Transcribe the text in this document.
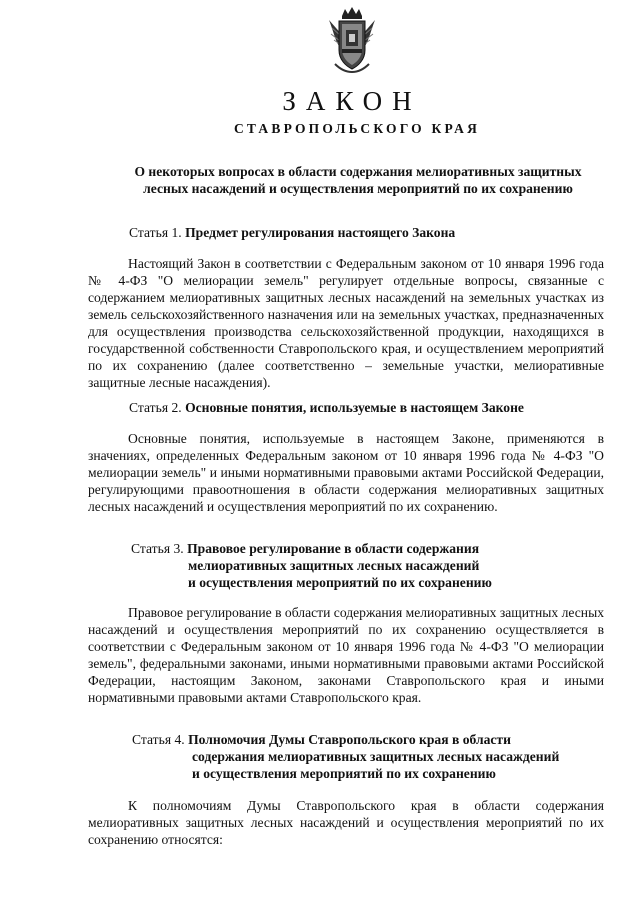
ЗАКОН
СТАВРОПОЛЬСКОГО КРАЯ
О некоторых вопросах в области содержания мелиоративных защитных
лесных насаждений и осуществления мероприятий по их сохранению
Статья 1. Предмет регулирования настоящего Закона

Настоящий Закон в соответствии с Федеральным законом от 10 января 1996 года № 4-ФЗ "О мелиорации земель" регулирует отдельные вопросы, связанные с содержанием мелиоративных защитных лесных насаждений на земельных участках из земель сельскохозяйственного назначения или на земельных участках, предназначенных для осуществления производства сельскохозяйственной продукции, находящихся в государственной собственности Ставропольского края, и осуществлением мероприятий по их сохранению (далее соответственно – земельные участки, мелиоративные защитные лесные насаждения).

Статья 2. Основные понятия, используемые в настоящем Законе

Основные понятия, используемые в настоящем Законе, применяются в значениях, определенных Федеральным законом от 10 января 1996 года № 4-ФЗ "О мелиорации земель" и иными нормативными правовыми актами Российской Федерации, регулирующими правоотношения в области содержания мелиоративных защитных лесных насаждений и осуществления мероприятий по их сохранению.

Статья 3. Правовое регулирование в области содержания
мелиоративных защитных лесных насаждений
и осуществления мероприятий по их сохранению

Правовое регулирование в области содержания мелиоративных защитных лесных насаждений и осуществления мероприятий по их сохранению осуществляется в соответствии с Федеральным законом от 10 января 1996 года № 4-ФЗ "О мелиорации земель", федеральными законами, иными нормативными правовыми актами Российской Федерации, настоящим Законом, законами Ставропольского края и иными нормативными правовыми актами Ставропольского края.

Статья 4. Полномочия Думы Ставропольского края в области
содержания мелиоративных защитных лесных насаждений
и осуществления мероприятий по их сохранению

К полномочиям Думы Ставропольского края в области содержания мелиоративных защитных лесных насаждений и осуществления мероприятий по их сохранению относятся:
